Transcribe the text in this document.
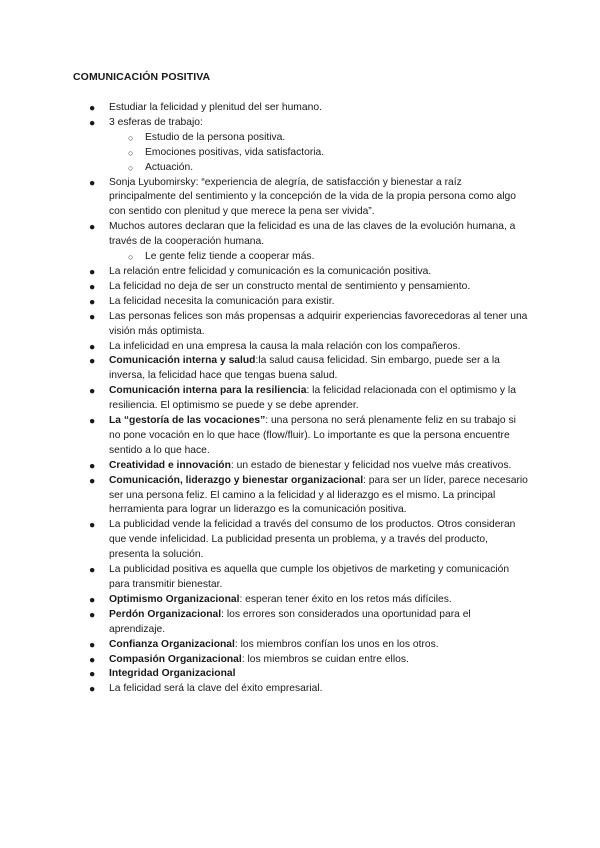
COMUNICACIÓN POSITIVA
● Estudiar la felicidad y plenitud del ser humano.
● 3 esferas de trabajo:
○ Estudio de la persona positiva.
○ Emociones positivas, vida satisfactoria.
○ Actuación.
● Sonja Lyubomirsky: “experiencia de alegría, de satisfacción y bienestar a raíz principalmente del sentimiento y la concepción de la vida de la propia persona como algo con sentido con plenitud y que merece la pena ser vivida”.
● Muchos autores declaran que la felicidad es una de las claves de la evolución humana, a través de la cooperación humana.
○ Le gente feliz tiende a cooperar más.
● La relación entre felicidad y comunicación es la comunicación positiva.
● La felicidad no deja de ser un constructo mental de sentimiento y pensamiento.
● La felicidad necesita la comunicación para existir.
● Las personas felices son más propensas a adquirir experiencias favorecedoras al tener una visión más optimista.
● La infelicidad en una empresa la causa la mala relación con los compañeros.
● Comunicación interna y salud:la salud causa felicidad. Sin embargo, puede ser a la inversa, la felicidad hace que tengas buena salud.
● Comunicación interna para la resiliencia: la felicidad relacionada con el optimismo y la resiliencia. El optimismo se puede y se debe aprender.
● La “gestoría de las vocaciones”: una persona no será plenamente feliz en su trabajo si no pone vocación en lo que hace (flow/fluir). Lo importante es que la persona encuentre sentido a lo que hace.
● Creatividad e innovación: un estado de bienestar y felicidad nos vuelve más creativos.
● Comunicación, liderazgo y bienestar organizacional: para ser un líder, parece necesario ser una persona feliz. El camino a la felicidad y al liderazgo es el mismo. La principal herramienta para lograr un liderazgo es la comunicación positiva.
● La publicidad vende la felicidad a través del consumo de los productos. Otros consideran que vende infelicidad. La publicidad presenta un problema, y a través del producto, presenta la solución.
● La publicidad positiva es aquella que cumple los objetivos de marketing y comunicación para transmitir bienestar.
● Optimismo Organizacional: esperan tener éxito en los retos más difíciles.
● Perdón Organizacional: los errores son considerados una oportunidad para el aprendizaje.
● Confianza Organizacional: los miembros confían los unos en los otros.
● Compasión Organizacional: los miembros se cuidan entre ellos.
● Integridad Organizacional
● La felicidad será la clave del éxito empresarial.
